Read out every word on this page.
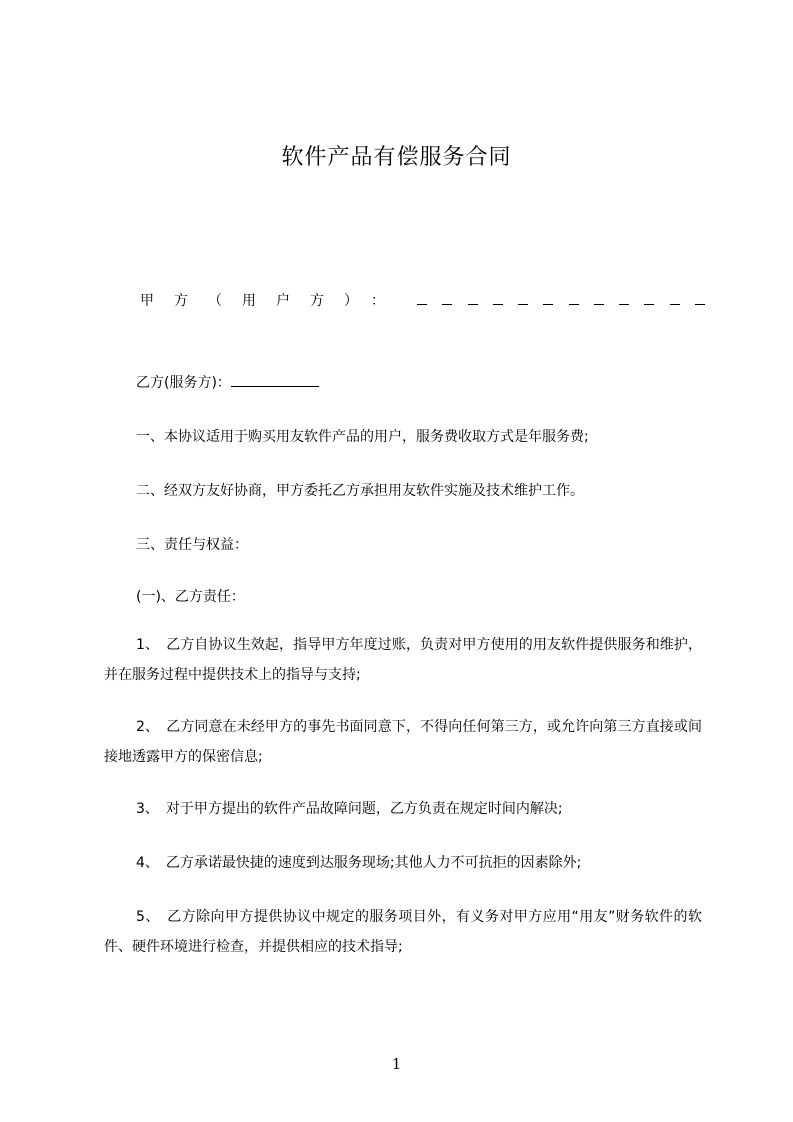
软件产品有偿服务合同
甲方（用户方）：

乙方(服务方)：

一、本协议适用于购买用友软件产品的用户，服务费收取方式是年服务费;

二、经双方友好协商，甲方委托乙方承担用友软件实施及技术维护工作。

三、责任与权益：

(一)、乙方责任：

1、　乙方自协议生效起，指导甲方年度过账，负责对甲方使用的用友软件提供服务和维护，并在服务过程中提供技术上的指导与支持;

2、　乙方同意在未经甲方的事先书面同意下，不得向任何第三方，或允许向第三方直接或间接地透露甲方的保密信息;

3、　对于甲方提出的软件产品故障问题，乙方负责在规定时间内解决;

4、　乙方承诺最快捷的速度到达服务现场;其他人力不可抗拒的因素除外;

5、　乙方除向甲方提供协议中规定的服务项目外，有义务对甲方应用“用友”财务软件的软件、硬件环境进行检查，并提供相应的技术指导;

1
